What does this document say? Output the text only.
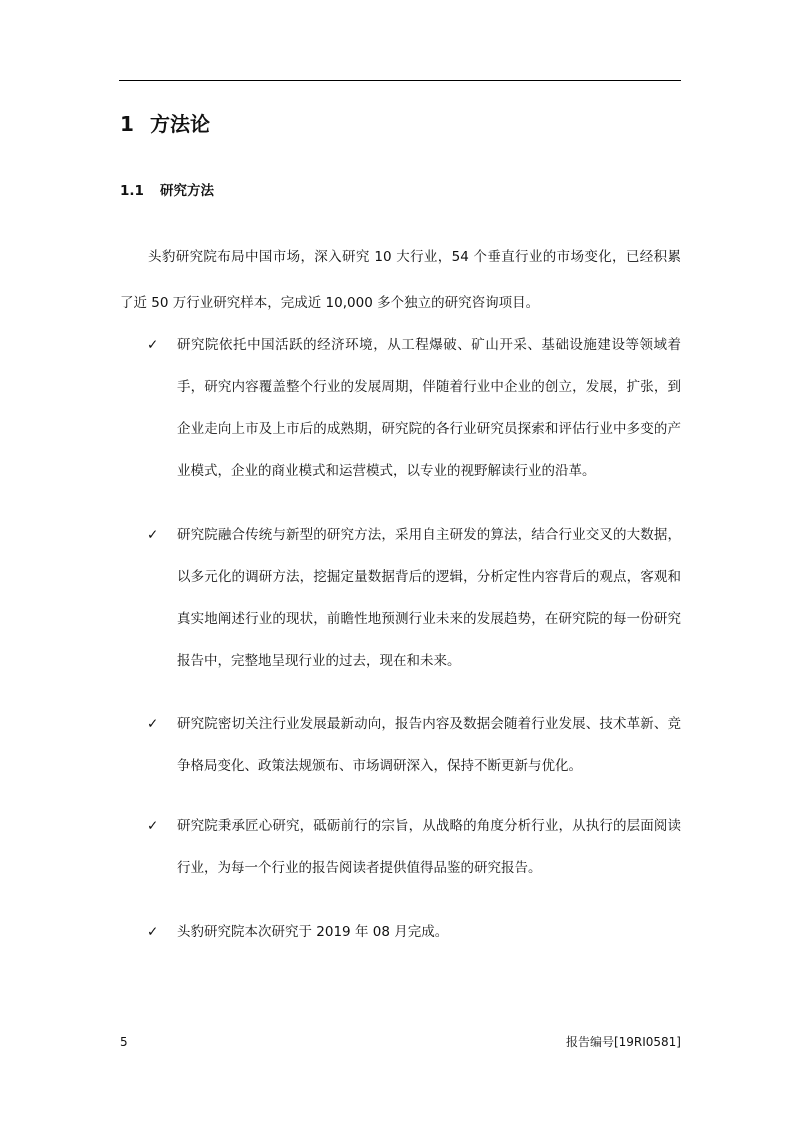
1 方法论
1.1 研究方法
头豹研究院布局中国市场，深入研究 10 大行业，54 个垂直行业的市场变化，已经积累了近 50 万行业研究样本，完成近 10,000 多个独立的研究咨询项目。
✓ 研究院依托中国活跃的经济环境，从工程爆破、矿山开采、基础设施建设等领域着手，研究内容覆盖整个行业的发展周期，伴随着行业中企业的创立，发展，扩张，到企业走向上市及上市后的成熟期，研究院的各行业研究员探索和评估行业中多变的产业模式，企业的商业模式和运营模式，以专业的视野解读行业的沿革。
✓ 研究院融合传统与新型的研究方法，采用自主研发的算法，结合行业交叉的大数据，以多元化的调研方法，挖掘定量数据背后的逻辑，分析定性内容背后的观点，客观和真实地阐述行业的现状，前瞻性地预测行业未来的发展趋势，在研究院的每一份研究报告中，完整地呈现行业的过去，现在和未来。
✓ 研究院密切关注行业发展最新动向，报告内容及数据会随着行业发展、技术革新、竞争格局变化、政策法规颁布、市场调研深入，保持不断更新与优化。
✓ 研究院秉承匠心研究，砥砺前行的宗旨，从战略的角度分析行业，从执行的层面阅读行业，为每一个行业的报告阅读者提供值得品鉴的研究报告。
✓ 头豹研究院本次研究于 2019 年 08 月完成。
5	报告编号[19RI0581]
